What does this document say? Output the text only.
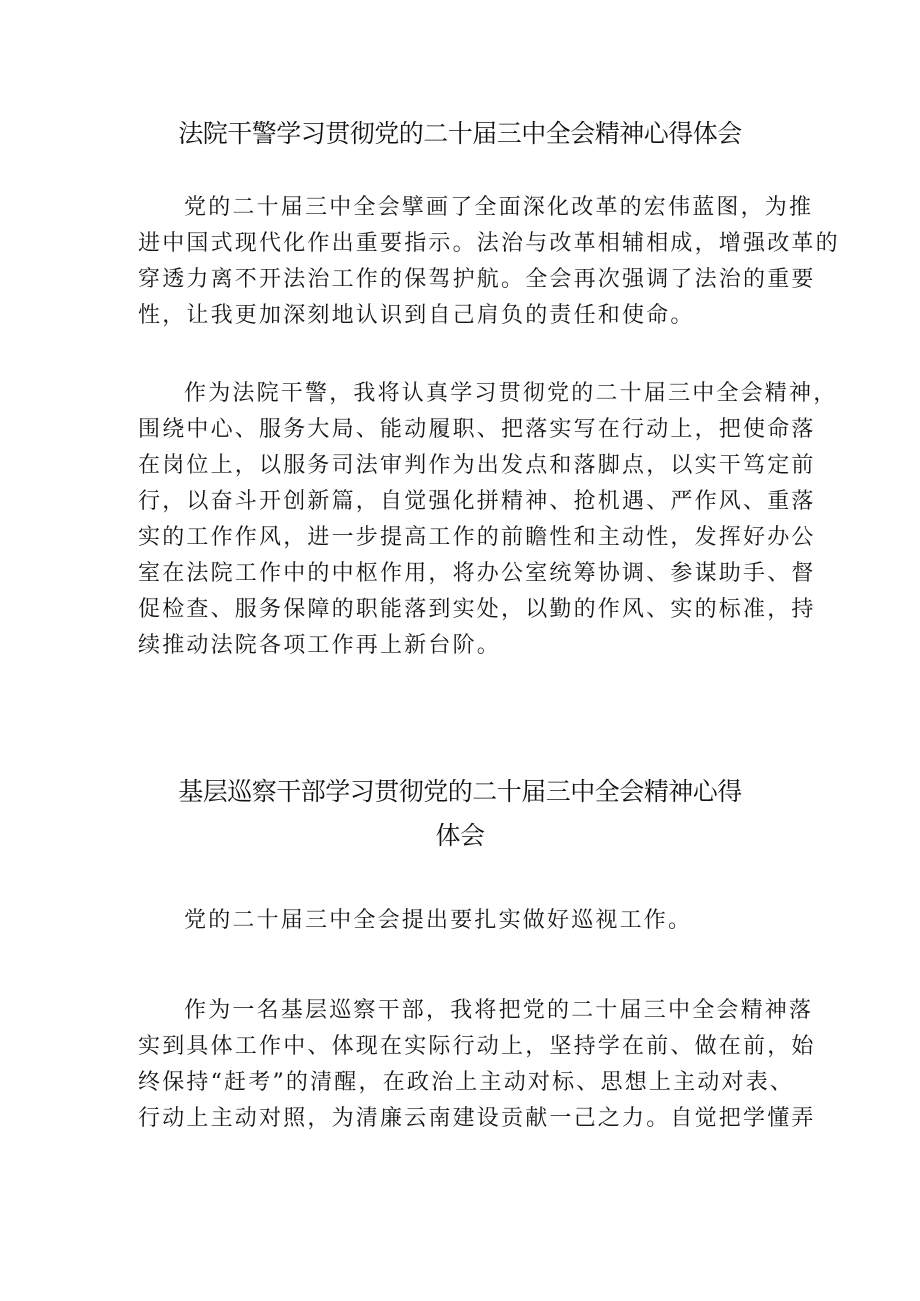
法院干警学习贯彻党的二十届三中全会精神心得体会
党的二十届三中全会擘画了全面深化改革的宏伟蓝图，为推
进中国式现代化作出重要指示。法治与改革相辅相成，增强改革的
穿透力离不开法治工作的保驾护航。全会再次强调了法治的重要
性，让我更加深刻地认识到自己肩负的责任和使命。
作为法院干警，我将认真学习贯彻党的二十届三中全会精神，
围绕中心、服务大局、能动履职、把落实写在行动上，把使命落
在岗位上，以服务司法审判作为出发点和落脚点，以实干笃定前
行，以奋斗开创新篇，自觉强化拼精神、抢机遇、严作风、重落
实的工作作风，进一步提高工作的前瞻性和主动性，发挥好办公
室在法院工作中的中枢作用，将办公室统筹协调、参谋助手、督
促检查、服务保障的职能落到实处，以勤的作风、实的标准，持
续推动法院各项工作再上新台阶。
基层巡察干部学习贯彻党的二十届三中全会精神心得
体会
党的二十届三中全会提出要扎实做好巡视工作。
作为一名基层巡察干部，我将把党的二十届三中全会精神落
实到具体工作中、体现在实际行动上，坚持学在前、做在前，始
终保持“赶考”的清醒，在政治上主动对标、思想上主动对表、
行动上主动对照，为清廉云南建设贡献一己之力。自觉把学懂弄
